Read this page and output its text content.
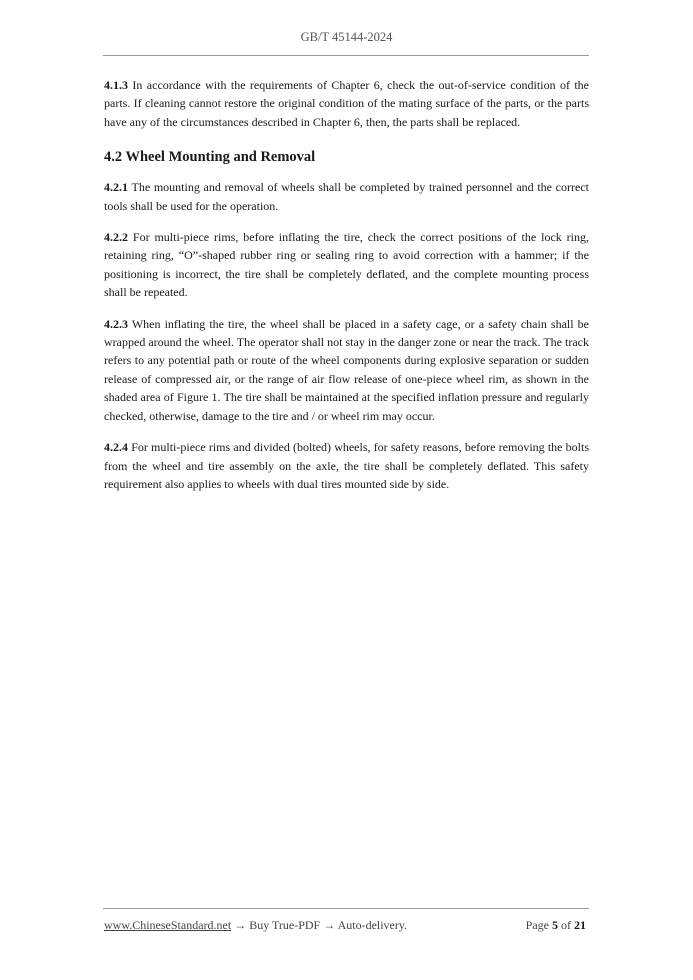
GB/T 45144-2024

4.1.3 In accordance with the requirements of Chapter 6, check the out-of-service condition of the parts. If cleaning cannot restore the original condition of the mating surface of the parts, or the parts have any of the circumstances described in Chapter 6, then, the parts shall be replaced.

4.2 Wheel Mounting and Removal

4.2.1 The mounting and removal of wheels shall be completed by trained personnel and the correct tools shall be used for the operation.

4.2.2 For multi-piece rims, before inflating the tire, check the correct positions of the lock ring, retaining ring, “O”-shaped rubber ring or sealing ring to avoid correction with a hammer; if the positioning is incorrect, the tire shall be completely deflated, and the complete mounting process shall be repeated.

4.2.3 When inflating the tire, the wheel shall be placed in a safety cage, or a safety chain shall be wrapped around the wheel. The operator shall not stay in the danger zone or near the track. The track refers to any potential path or route of the wheel components during explosive separation or sudden release of compressed air, or the range of air flow release of one-piece wheel rim, as shown in the shaded area of Figure 1. The tire shall be maintained at the specified inflation pressure and regularly checked, otherwise, damage to the tire and / or wheel rim may occur.

4.2.4 For multi-piece rims and divided (bolted) wheels, for safety reasons, before removing the bolts from the wheel and tire assembly on the axle, the tire shall be completely deflated. This safety requirement also applies to wheels with dual tires mounted side by side.

www.ChineseStandard.net → Buy True-PDF → Auto-delivery.	Page 5 of 21
